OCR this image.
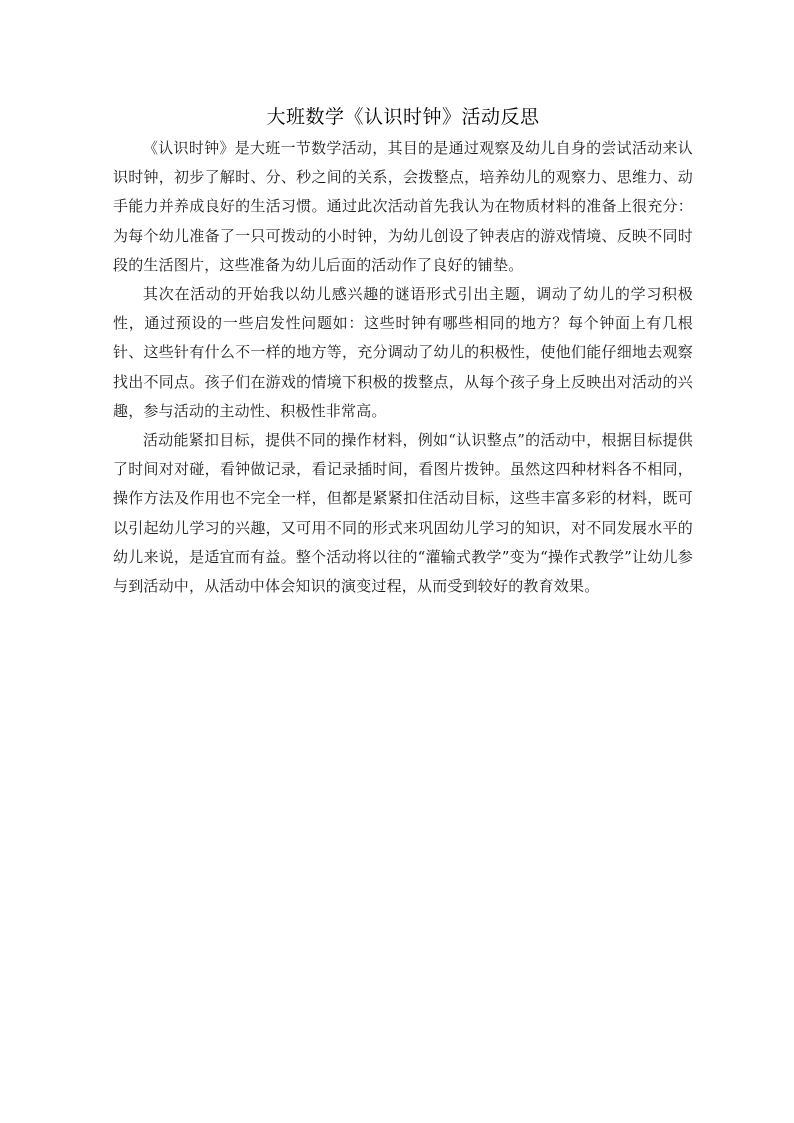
大班数学《认识时钟》活动反思

《认识时钟》是大班一节数学活动，其目的是通过观察及幼儿自身的尝试活动来认识时钟，初步了解时、分、秒之间的关系，会拨整点，培养幼儿的观察力、思维力、动手能力并养成良好的生活习惯。通过此次活动首先我认为在物质材料的准备上很充分：为每个幼儿准备了一只可拨动的小时钟，为幼儿创设了钟表店的游戏情境、反映不同时段的生活图片，这些准备为幼儿后面的活动作了良好的铺垫。

其次在活动的开始我以幼儿感兴趣的谜语形式引出主题，调动了幼儿的学习积极性，通过预设的一些启发性问题如：这些时钟有哪些相同的地方？每个钟面上有几根针、这些针有什么不一样的地方等，充分调动了幼儿的积极性，使他们能仔细地去观察找出不同点。孩子们在游戏的情境下积极的拨整点，从每个孩子身上反映出对活动的兴趣，参与活动的主动性、积极性非常高。

活动能紧扣目标，提供不同的操作材料，例如“认识整点”的活动中，根据目标提供了时间对对碰，看钟做记录，看记录插时间，看图片拨钟。虽然这四种材料各不相同，操作方法及作用也不完全一样，但都是紧紧扣住活动目标，这些丰富多彩的材料，既可以引起幼儿学习的兴趣，又可用不同的形式来巩固幼儿学习的知识，对不同发展水平的幼儿来说，是适宜而有益。整个活动将以往的“灌输式教学”变为“操作式教学”让幼儿参与到活动中，从活动中体会知识的演变过程，从而受到较好的教育效果。
